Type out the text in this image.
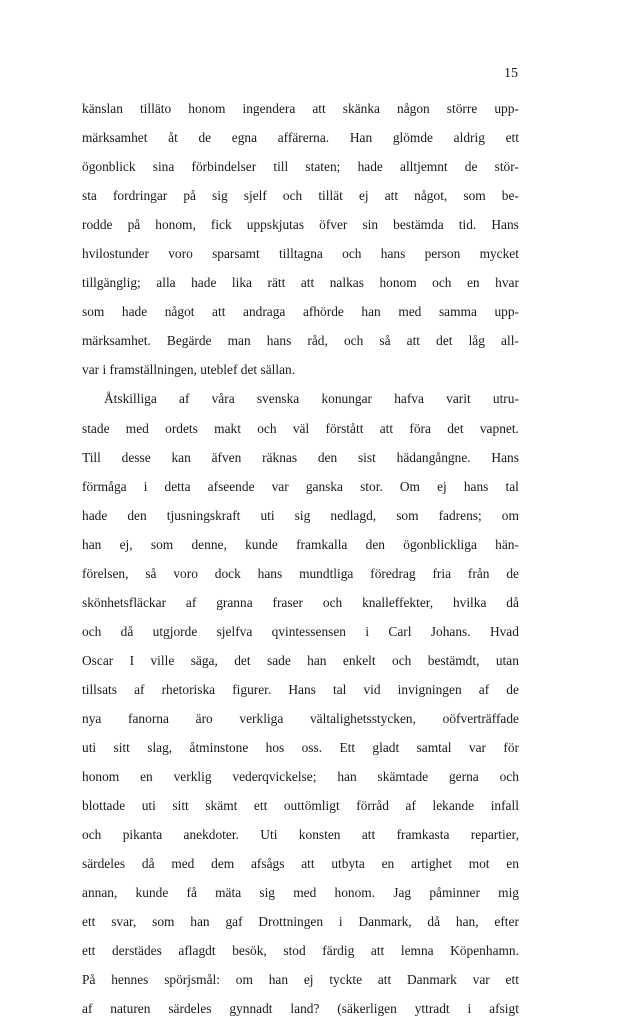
15
känslan tilläto honom ingendera att skänka någon större upp-
märksamhet åt de egna affärerna. Han glömde aldrig ett
ögonblick sina förbindelser till staten; hade alltjemnt de stör-
sta fordringar på sig sjelf och tillät ej att något, som be-
rodde på honom, fick uppskjutas öfver sin bestämda tid. Hans
hvilostunder voro sparsamt tilltagna och hans person mycket
tillgänglig; alla hade lika rätt att nalkas honom och en hvar
som hade något att andraga afhörde han med samma upp-
märksamhet. Begärde man hans råd, och så att det låg all-
var i framställningen, uteblef det sällan.
Åtskilliga af våra svenska konungar hafva varit utru-
stade med ordets makt och väl förstått att föra det vapnet.
Till desse kan äfven räknas den sist hädangångne. Hans
förmåga i detta afseende var ganska stor. Om ej hans tal
hade den tjusningskraft uti sig nedlagd, som fadrens; om
han ej, som denne, kunde framkalla den ögonblickliga hän-
förelsen, så voro dock hans mundtliga föredrag fria från de
skönhetsfläckar af granna fraser och knalleffekter, hvilka då
och då utgjorde sjelfva qvintessensen i Carl Johans. Hvad
Oscar I ville säga, det sade han enkelt och bestämdt, utan
tillsats af rhetoriska figurer. Hans tal vid invigningen af de
nya fanorna äro verkliga vältalighetsstycken, oöfverträffade
uti sitt slag, åtminstone hos oss. Ett gladt samtal var för
honom en verklig vederqvickelse; han skämtade gerna och
blottade uti sitt skämt ett outtömligt förråd af lekande infall
och pikanta anekdoter. Uti konsten att framkasta repartier,
särdeles då med dem afsågs att utbyta en artighet mot en
annan, kunde få mäta sig med honom. Jag påminner mig
ett svar, som han gaf Drottningen i Danmark, då han, efter
ett derstädes aflagdt besök, stod färdig att lemna Köpenhamn.
På hennes spörjsmål: om han ej tyckte att Danmark var ett
af naturen särdeles gynnadt land? (säkerligen yttradt i afsigt
